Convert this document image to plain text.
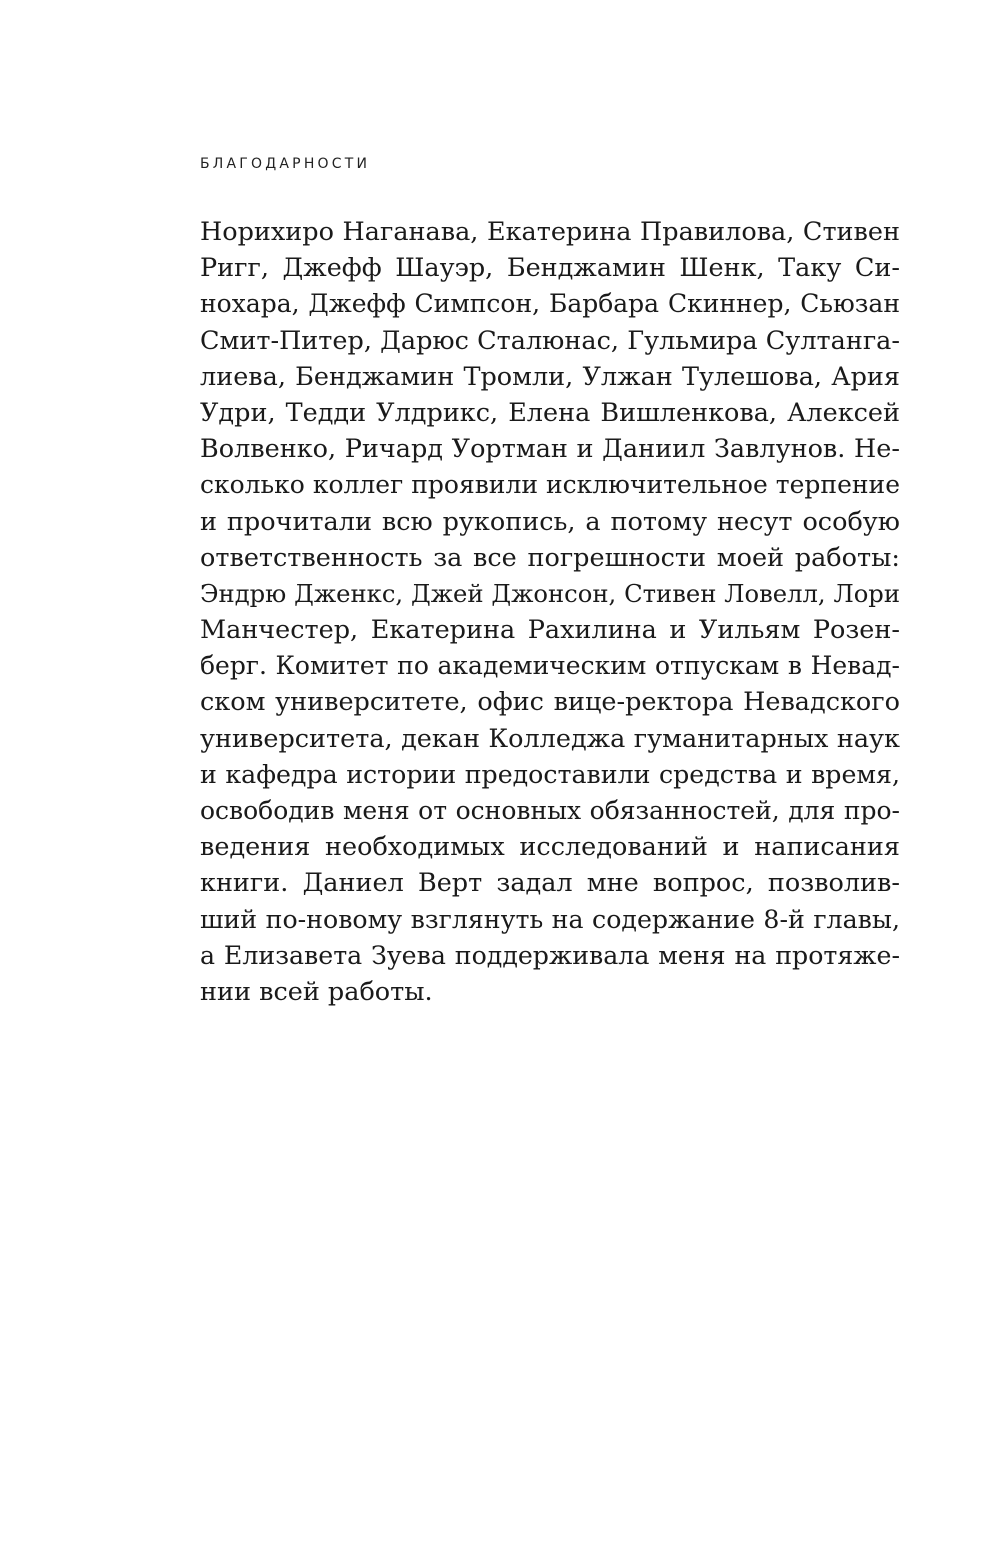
БЛАГОДАРНОСТИ
Норихиро Наганава, Екатерина Правилова, Стивен
Ригг, Джефф Шауэр, Бенджамин Шенк, Таку Си-
нохара, Джефф Симпсон, Барбара Скиннер, Сьюзан
Смит-Питер, Дарюс Сталюнас, Гульмира Султанга-
лиева, Бенджамин Тромли, Улжан Тулешова, Ария
Удри, Тедди Улдрикс, Елена Вишленкова, Алексей
Волвенко, Ричард Уортман и Даниил Завлунов. Не-
сколько коллег проявили исключительное терпение
и прочитали всю рукопись, а потому несут особую
ответственность за все погрешности моей работы:
Эндрю Дженкс, Джей Джонсон, Стивен Ловелл, Лори
Манчестер, Екатерина Рахилина и Уильям Розен-
берг. Комитет по академическим отпускам в Невад-
ском университете, офис вице-ректора Невадского
университета, декан Колледжа гуманитарных наук
и кафедра истории предоставили средства и время,
освободив меня от основных обязанностей, для про-
ведения необходимых исследований и написания
книги. Даниел Верт задал мне вопрос, позволив-
ший по-новому взглянуть на содержание 8-й главы,
а Елизавета Зуева поддерживала меня на протяже-
нии всей работы.
